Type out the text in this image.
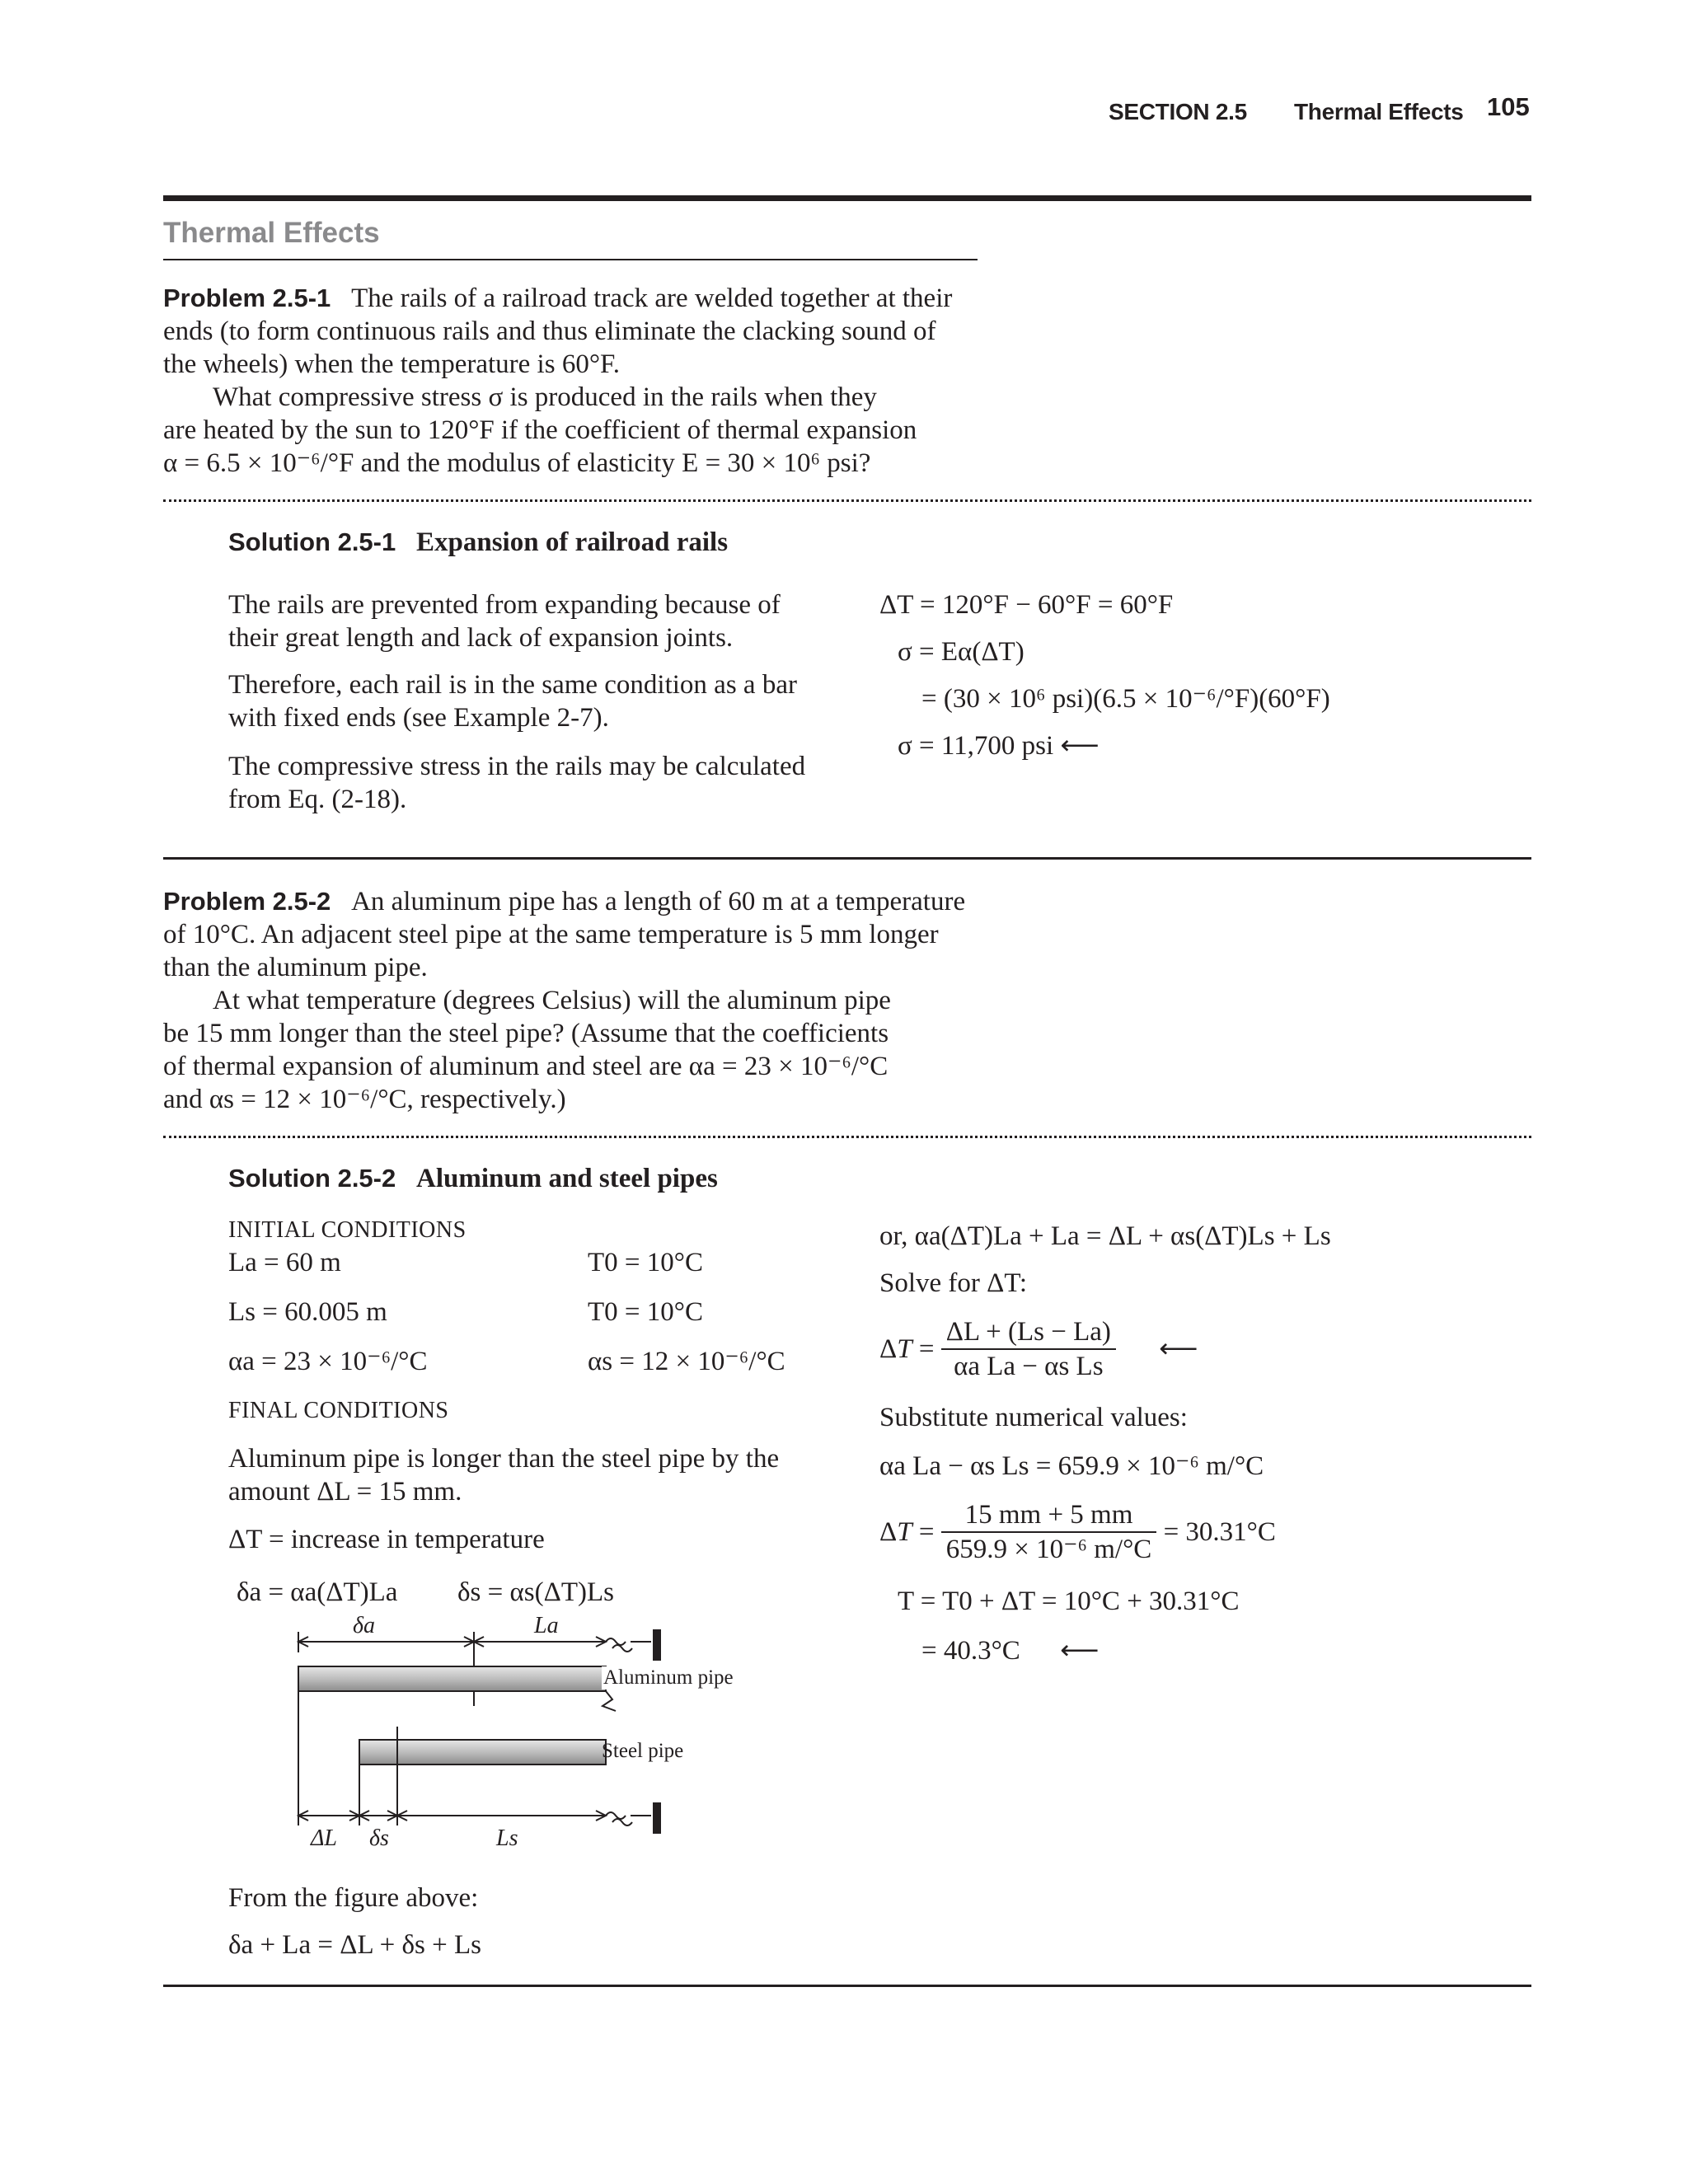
SECTION 2.5 Thermal Effects 105
Thermal Effects
Problem 2.5-1 The rails of a railroad track are welded together at their
ends (to form continuous rails and thus eliminate the clacking sound of
the wheels) when the temperature is 60°F.
What compressive stress σ is produced in the rails when they
are heated by the sun to 120°F if the coefficient of thermal expansion
α = 6.5 × 10⁻⁶/°F and the modulus of elasticity E = 30 × 10⁶ psi?
Solution 2.5-1 Expansion of railroad rails
The rails are prevented from expanding because of
their great length and lack of expansion joints.
Therefore, each rail is in the same condition as a bar
with fixed ends (see Example 2-7).
The compressive stress in the rails may be calculated
from Eq. (2-18).
ΔT = 120°F − 60°F = 60°F
σ = Eα(ΔT)
= (30 × 10⁶ psi)(6.5 × 10⁻⁶/°F)(60°F)
σ = 11,700 psi ⟵
Problem 2.5-2 An aluminum pipe has a length of 60 m at a temperature
of 10°C. An adjacent steel pipe at the same temperature is 5 mm longer
than the aluminum pipe.
At what temperature (degrees Celsius) will the aluminum pipe
be 15 mm longer than the steel pipe? (Assume that the coefficients
of thermal expansion of aluminum and steel are αa = 23 × 10⁻⁶/°C
and αs = 12 × 10⁻⁶/°C, respectively.)
Solution 2.5-2 Aluminum and steel pipes
INITIAL CONDITIONS
La = 60 m	T0 = 10°C
Ls = 60.005 m	T0 = 10°C
αa = 23 × 10⁻⁶/°C	αs = 12 × 10⁻⁶/°C
FINAL CONDITIONS
Aluminum pipe is longer than the steel pipe by the
amount ΔL = 15 mm.
ΔT = increase in temperature
δa = αa(ΔT)La δs = αs(ΔT)Ls
δa	La
Aluminum pipe
Steel pipe
ΔL δs	Ls
From the figure above:
δa + La = ΔL + δs + Ls
or, αa(ΔT)La + La = ΔL + αs(ΔT)Ls + Ls
Solve for ΔT:
$\Delta T = \frac{\Delta L + (Ls - La)}{\text{αa La − αs Ls}}$ ⟵
Substitute numerical values:
αa La − αs Ls = 659.9 × 10⁻⁶ m/°C
$\Delta T = \frac{15 mm + 5 mm}{\text{659.9 × 10⁻⁶ m/°C}} = 30.31^\circ C$
T = T0 + ΔT = 10°C + 30.31°C
= 40.3°C ⟵
